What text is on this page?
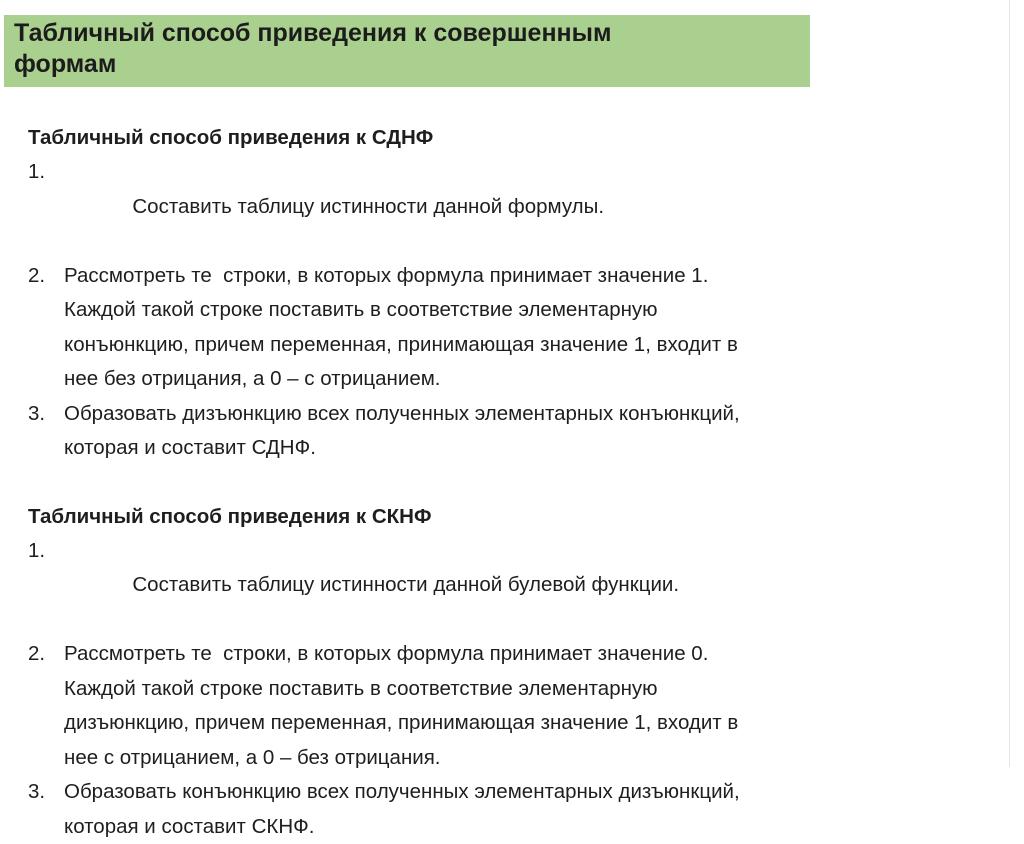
Табличный способ приведения к совершенным
формам
Табличный способ приведения к СДНФ
1.

Составить таблицу истинности данной формулы.

2. Рассмотреть те  строки, в которых формула принимает значение 1.
Каждой такой строке поставить в соответствие элементарную
конъюнкцию, причем переменная, принимающая значение 1, входит в
нее без отрицания, а 0 – с отрицанием.
3. Образовать дизъюнкцию всех полученных элементарных конъюнкций,
которая и составит СДНФ.
Табличный способ приведения к СКНФ
1.

Составить таблицу истинности данной булевой функции.

2. Рассмотреть те  строки, в которых формула принимает значение 0.
Каждой такой строке поставить в соответствие элементарную
дизъюнкцию, причем переменная, принимающая значение 1, входит в
нее с отрицанием, а 0 – без отрицания.
3. Образовать конъюнкцию всех полученных элементарных дизъюнкций,
которая и составит СКНФ.
